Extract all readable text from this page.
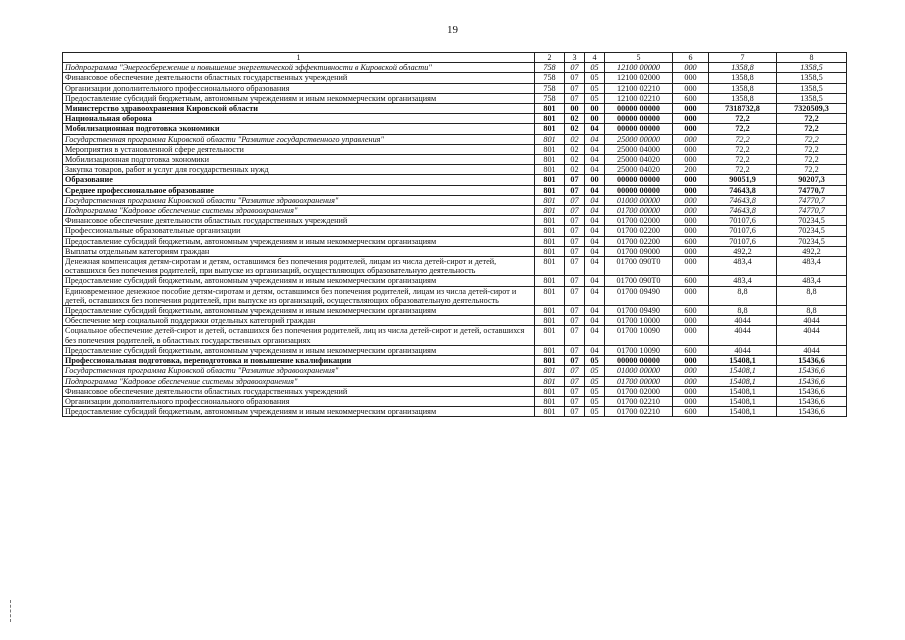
19
1	2	3	4	5	6	7	8
Подпрограмма "Энергосбережение и повышение энергетической эффективности в Кировской области"	758	07	05	12100 00000	000	1358,8	1358,5
Финансовое обеспечение деятельности областных государственных учреждений	758	07	05	12100 02000	000	1358,8	1358,5
Организации дополнительного профессионального образования	758	07	05	12100 02210	000	1358,8	1358,5
Предоставление субсидий бюджетным, автономным учреждениям и иным некоммерческим организациям	758	07	05	12100 02210	600	1358,8	1358,5
Министерство здравоохранения Кировской области	801	00	00	00000 00000	000	7318732,8	7320509,3
Национальная оборона	801	02	00	00000 00000	000	72,2	72,2
Мобилизационная подготовка экономики	801	02	04	00000 00000	000	72,2	72,2
Государственная программа Кировской области "Развитие государственного управления"	801	02	04	25000 00000	000	72,2	72,2
Мероприятия в установленной сфере деятельности	801	02	04	25000 04000	000	72,2	72,2
Мобилизационная подготовка экономики	801	02	04	25000 04020	000	72,2	72,2
Закупка товаров, работ и услуг для государственных нужд	801	02	04	25000 04020	200	72,2	72,2
Образование	801	07	00	00000 00000	000	90051,9	90207,3
Среднее профессиональное образование	801	07	04	00000 00000	000	74643,8	74770,7
Государственная программа Кировской области "Развитие здравоохранения"	801	07	04	01000 00000	000	74643,8	74770,7
Подпрограмма "Кадровое обеспечение системы здравоохранения"	801	07	04	01700 00000	000	74643,8	74770,7
Финансовое обеспечение деятельности областных государственных учреждений	801	07	04	01700 02000	000	70107,6	70234,5
Профессиональные образовательные организации	801	07	04	01700 02200	000	70107,6	70234,5
Предоставление субсидий бюджетным, автономным учреждениям и иным некоммерческим организациям	801	07	04	01700 02200	600	70107,6	70234,5
Выплаты отдельным категориям граждан	801	07	04	01700 09000	000	492,2	492,2
Денежная компенсация детям-сиротам и детям, оставшимся без попечения родителей, лицам из числа детей-сирот и детей, оставшихся без попечения родителей, при выпуске из организаций, осуществляющих образовательную деятельность	801	07	04	01700 090Т0	000	483,4	483,4
Предоставление субсидий бюджетным, автономным учреждениям и иным некоммерческим организациям	801	07	04	01700 090Т0	600	483,4	483,4
Единовременное денежное пособие детям-сиротам и детям, оставшимся без попечения родителей, лицам из числа детей-сирот и детей, оставшихся без попечения родителей, при выпуске из организаций, осуществляющих образовательную деятельность	801	07	04	01700 09490	000	8,8	8,8
Предоставление субсидий бюджетным, автономным учреждениям и иным некоммерческим организациям	801	07	04	01700 09490	600	8,8	8,8
Обеспечение мер социальной поддержки отдельных категорий граждан	801	07	04	01700 10000	000	4044	4044
Социальное обеспечение детей-сирот и детей, оставшихся без попечения родителей, лиц из числа детей-сирот и детей, оставшихся без попечения родителей, в областных государственных организациях	801	07	04	01700 10090	000	4044	4044
Предоставление субсидий бюджетным, автономным учреждениям и иным некоммерческим организациям	801	07	04	01700 10090	600	4044	4044
Профессиональная подготовка, переподготовка и повышение квалификации	801	07	05	00000 00000	000	15408,1	15436,6
Государственная программа Кировской области "Развитие здравоохранения"	801	07	05	01000 00000	000	15408,1	15436,6
Подпрограмма "Кадровое обеспечение системы здравоохранения"	801	07	05	01700 00000	000	15408,1	15436,6
Финансовое обеспечение деятельности областных государственных учреждений	801	07	05	01700 02000	000	15408,1	15436,6
Организации дополнительного профессионального образования	801	07	05	01700 02210	000	15408,1	15436,6
Предоставление субсидий бюджетным, автономным учреждениям и иным некоммерческим организациям	801	07	05	01700 02210	600	15408,1	15436,6
